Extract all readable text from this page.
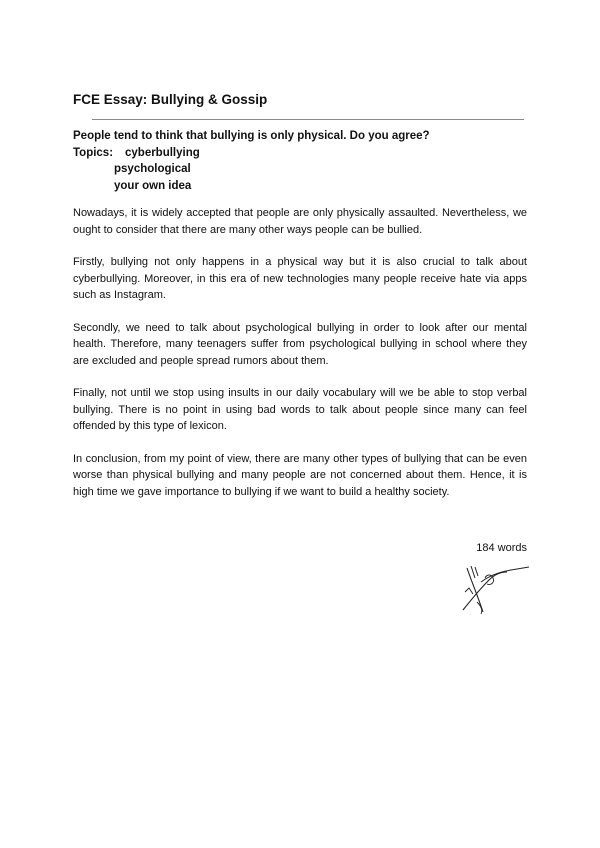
FCE Essay: Bullying & Gossip
People tend to think that bullying is only physical. Do you agree?
Topics: cyberbullying
psychological
your own idea

Nowadays, it is widely accepted that people are only physically assaulted. Nevertheless, we ought to consider that there are many other ways people can be bullied.

Firstly, bullying not only happens in a physical way but it is also crucial to talk about cyberbullying. Moreover, in this era of new technologies many people receive hate via apps such as Instagram.

Secondly, we need to talk about psychological bullying in order to look after our mental health. Therefore, many teenagers suffer from psychological bullying in school where they are excluded and people spread rumors about them.

Finally, not until we stop using insults in our daily vocabulary will we be able to stop verbal bullying. There is no point in using bad words to talk about people since many can feel offended by this type of lexicon.

In conclusion, from my point of view, there are many other types of bullying that can be even worse than physical bullying and many people are not concerned about them. Hence, it is high time we gave importance to bullying if we want to build a healthy society.

184 words
